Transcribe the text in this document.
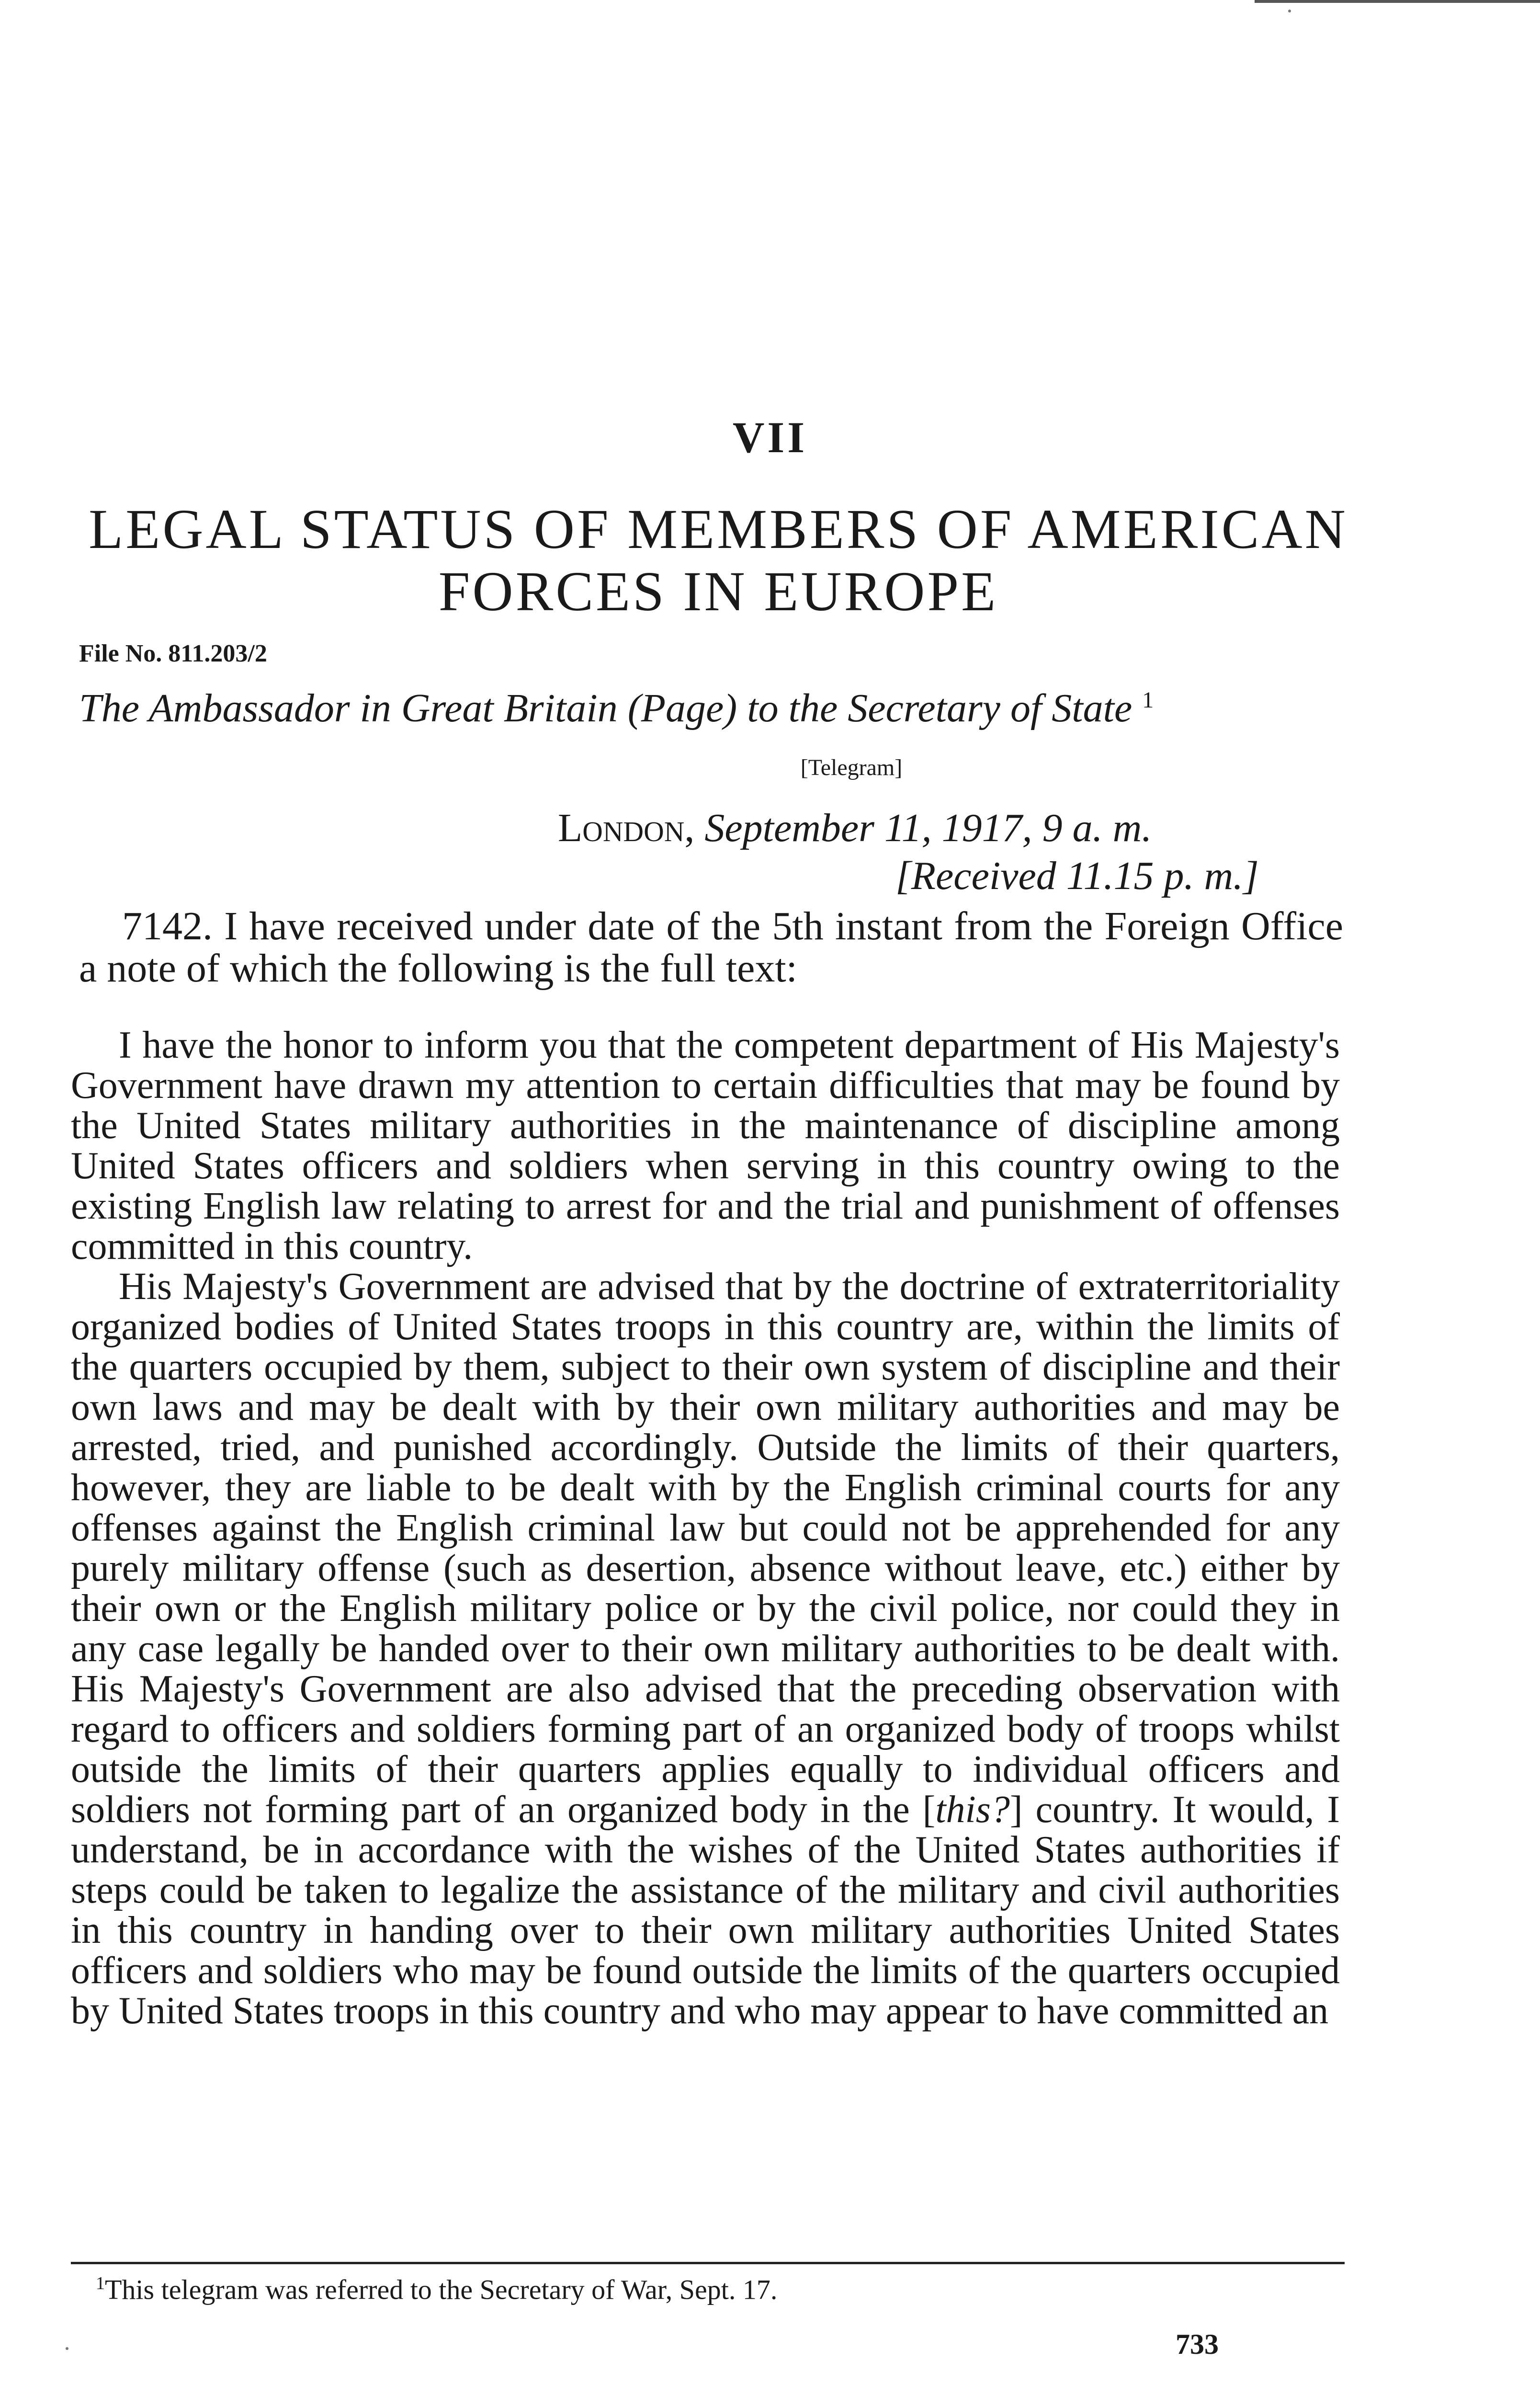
VII
LEGAL STATUS OF MEMBERS OF AMERICAN FORCES IN EUROPE
File No. 811.203/2
The Ambassador in Great Britain (Page) to the Secretary of State $^1$
[Telegram]
London, September 11, 1917, 9 a. m.
[Received 11.15 p. m.]
7142. I have received under date of the 5th instant from the Foreign Office a note of which the following is the full text:

I have the honor to inform you that the competent department of His Majesty's Government have drawn my attention to certain difficulties that may be found by the United States military authorities in the maintenance of discipline among United States officers and soldiers when serving in this country owing to the existing English law relating to arrest for and the trial and punishment of offenses committed in this country.

His Majesty's Government are advised that by the doctrine of extraterritoriality organized bodies of United States troops in this country are, within the limits of the quarters occupied by them, subject to their own system of discipline and their own laws and may be dealt with by their own military authorities and may be arrested, tried, and punished accordingly. Outside the limits of their quarters, however, they are liable to be dealt with by the English criminal courts for any offenses against the English criminal law but could not be apprehended for any purely military offense (such as desertion, absence without leave, etc.) either by their own or the English military police or by the civil police, nor could they in any case legally be handed over to their own military authorities to be dealt with. His Majesty's Government are also advised that the preceding observation with regard to officers and soldiers forming part of an organized body of troops whilst outside the limits of their quarters applies equally to individual officers and soldiers not forming part of an organized body in the [this?] country. It would, I understand, be in accordance with the wishes of the United States authorities if steps could be taken to legalize the assistance of the military and civil authorities in this country in handing over to their own military authorities United States officers and soldiers who may be found outside the limits of the quarters occupied by United States troops in this country and who may appear to have committed an

$^1$This telegram was referred to the Secretary of War, Sept. 17.
733
